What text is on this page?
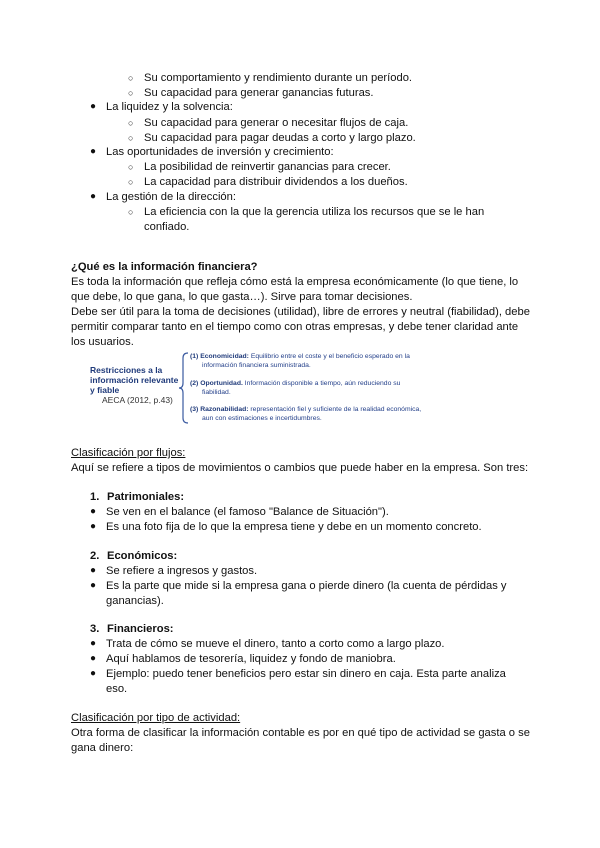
○ Su comportamiento y rendimiento durante un período.
○ Su capacidad para generar ganancias futuras.
● La liquidez y la solvencia:
○ Su capacidad para generar o necesitar flujos de caja.
○ Su capacidad para pagar deudas a corto y largo plazo.
● Las oportunidades de inversión y crecimiento:
○ La posibilidad de reinvertir ganancias para crecer.
○ La capacidad para distribuir dividendos a los dueños.
● La gestión de la dirección:
○ La eficiencia con la que la gerencia utiliza los recursos que se le han
confiado.
¿Qué es la información financiera?
Es toda la información que refleja cómo está la empresa económicamente (lo que tiene, lo
que debe, lo que gana, lo que gasta…). Sirve para tomar decisiones.
Debe ser útil para la toma de decisiones (utilidad), libre de errores y neutral (fiabilidad), debe
permitir comparar tanto en el tiempo como con otras empresas, y debe tener claridad ante
los usuarios.
Restricciones a la
información relevante
y fiable
AECA (2012, p.43)
(1) Economicidad: Equilibrio entre el coste y el beneficio esperado en la
información financiera suministrada.
(2) Oportunidad. Información disponible a tiempo, aún reduciendo su
fiabilidad.
(3) Razonabilidad: representación fiel y suficiente de la realidad económica,
aun con estimaciones e incertidumbres.
Clasificación por flujos:
Aquí se refiere a tipos de movimientos o cambios que puede haber en la empresa. Son tres:
1. Patrimoniales:
● Se ven en el balance (el famoso "Balance de Situación").
● Es una foto fija de lo que la empresa tiene y debe en un momento concreto.
2. Económicos:
● Se refiere a ingresos y gastos.
● Es la parte que mide si la empresa gana o pierde dinero (la cuenta de pérdidas y
ganancias).
3. Financieros:
● Trata de cómo se mueve el dinero, tanto a corto como a largo plazo.
● Aquí hablamos de tesorería, liquidez y fondo de maniobra.
● Ejemplo: puedo tener beneficios pero estar sin dinero en caja. Esta parte analiza
eso.
Clasificación por tipo de actividad:
Otra forma de clasificar la información contable es por en qué tipo de actividad se gasta o se
gana dinero:
